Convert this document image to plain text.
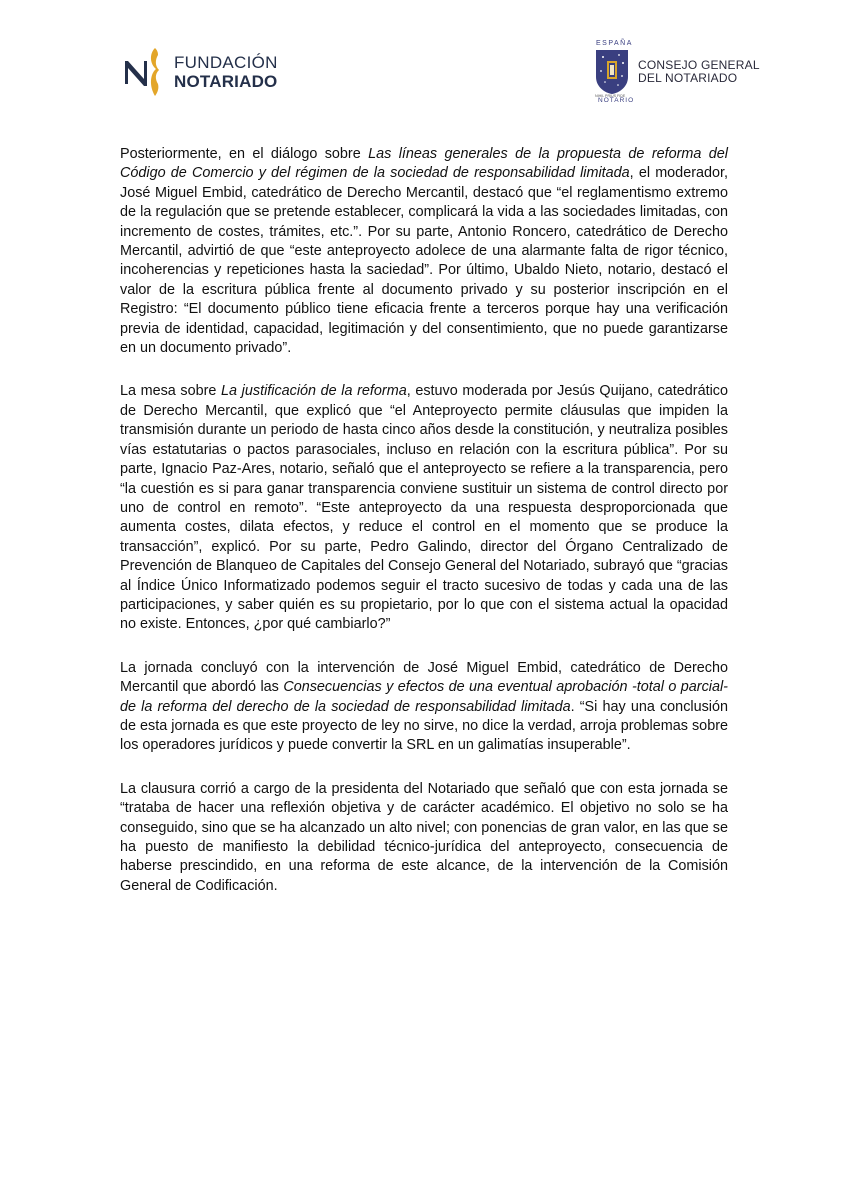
FUNDACIÓN
NOTARIADO
ESPAÑA
NIHIL PRIUS FIDE
NOTARIO
CONSEJO GENERAL
DEL NOTARIADO

Posteriormente, en el diálogo sobre Las líneas generales de la propuesta de reforma del Código de Comercio y del régimen de la sociedad de responsabilidad limitada, el moderador, José Miguel Embid, catedrático de Derecho Mercantil, destacó que “el reglamentismo extremo de la regulación que se pretende establecer, complicará la vida a las sociedades limitadas, con incremento de costes, trámites, etc.”. Por su parte, Antonio Roncero, catedrático de Derecho Mercantil, advirtió de que “este anteproyecto adolece de una alarmante falta de rigor técnico, incoherencias y repeticiones hasta la saciedad”. Por último, Ubaldo Nieto, notario, destacó el valor de la escritura pública frente al documento privado y su posterior inscripción en el Registro: “El documento público tiene eficacia frente a terceros porque hay una verificación previa de identidad, capacidad, legitimación y del consentimiento, que no puede garantizarse en un documento privado”.

La mesa sobre La justificación de la reforma, estuvo moderada por Jesús Quijano, catedrático de Derecho Mercantil, que explicó que “el Anteproyecto permite cláusulas que impiden la transmisión durante un periodo de hasta cinco años desde la constitución, y neutraliza posibles vías estatutarias o pactos parasociales, incluso en relación con la escritura pública”. Por su parte, Ignacio Paz-Ares, notario, señaló que el anteproyecto se refiere a la transparencia, pero “la cuestión es si para ganar transparencia conviene sustituir un sistema de control directo por uno de control en remoto”. “Este anteproyecto da una respuesta desproporcionada que aumenta costes, dilata efectos, y reduce el control en el momento que se produce la transacción”, explicó. Por su parte, Pedro Galindo, director del Órgano Centralizado de Prevención de Blanqueo de Capitales del Consejo General del Notariado, subrayó que “gracias al Índice Único Informatizado podemos seguir el tracto sucesivo de todas y cada una de las participaciones, y saber quién es su propietario, por lo que con el sistema actual la opacidad no existe. Entonces, ¿por qué cambiarlo?”

La jornada concluyó con la intervención de José Miguel Embid, catedrático de Derecho Mercantil que abordó las Consecuencias y efectos de una eventual aprobación -total o parcial- de la reforma del derecho de la sociedad de responsabilidad limitada. “Si hay una conclusión de esta jornada es que este proyecto de ley no sirve, no dice la verdad, arroja problemas sobre los operadores jurídicos y puede convertir la SRL en un galimatías insuperable”.

La clausura corrió a cargo de la presidenta del Notariado que señaló que con esta jornada se “trataba de hacer una reflexión objetiva y de carácter académico. El objetivo no solo se ha conseguido, sino que se ha alcanzado un alto nivel; con ponencias de gran valor, en las que se ha puesto de manifiesto la debilidad técnico-jurídica del anteproyecto, consecuencia de haberse prescindido, en una reforma de este alcance, de la intervención de la Comisión General de Codificación.
